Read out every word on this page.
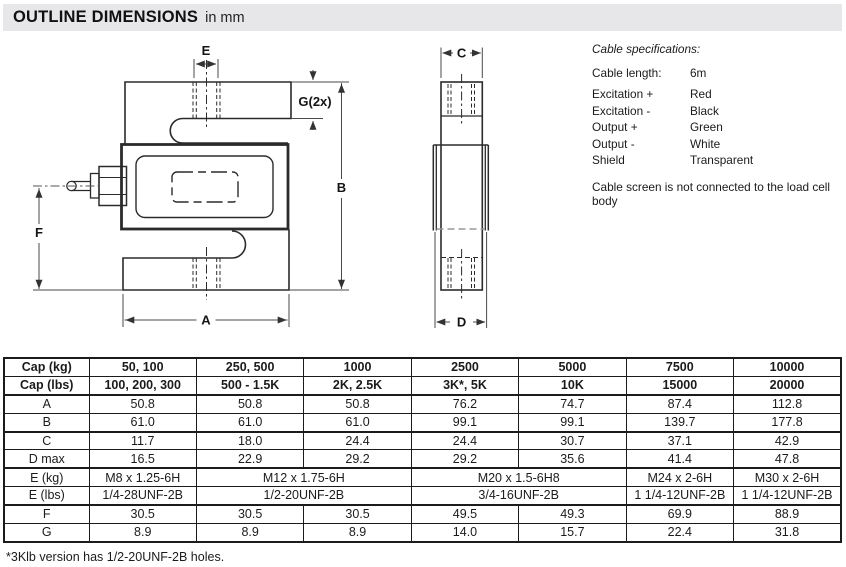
OUTLINE DIMENSIONS in mm
E
G(2x)
B
F
A
C
D
Cable specifications:
Cable length:	6m
Excitation +	Red
Excitation -	Black
Output +	Green
Output -	White
Shield	Transparent
Cable screen is not connected to the load cell body
Cap (kg)	50, 100	250, 500	1000	2500	5000	7500	10000
Cap (lbs)	100, 200, 300	500 - 1.5K	2K, 2.5K	3K*, 5K	10K	15000	20000
A	50.8	50.8	50.8	76.2	74.7	87.4	112.8
B	61.0	61.0	61.0	99.1	99.1	139.7	177.8
C	11.7	18.0	24.4	24.4	30.7	37.1	42.9
D max	16.5	22.9	29.2	29.2	35.6	41.4	47.8
E (kg)	M8 x 1.25-6H	M12 x 1.75-6H		M20 x 1.5-6H8		M24 x 2-6H	M30 x 2-6H
E (lbs)	1/4-28UNF-2B	1/2-20UNF-2B		3/4-16UNF-2B		1 1/4-12UNF-2B	1 1/4-12UNF-2B
F	30.5	30.5	30.5	49.5	49.3	69.9	88.9
G	8.9	8.9	8.9	14.0	15.7	22.4	31.8
*3Klb version has 1/2-20UNF-2B holes.
